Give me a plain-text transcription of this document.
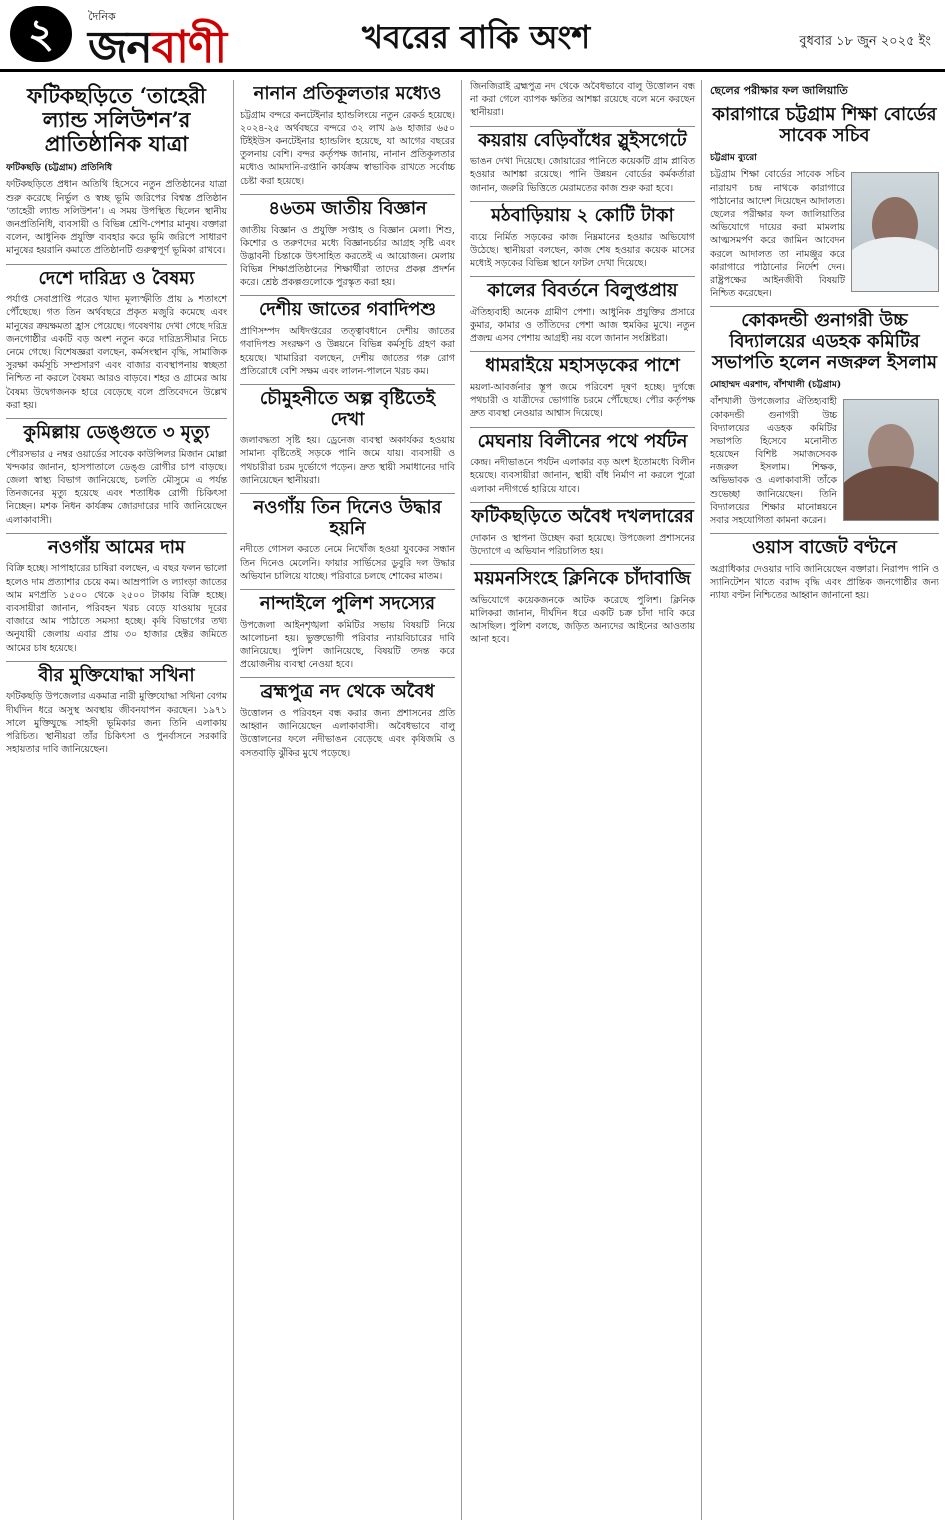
২	দৈনিক
জনবাণী	খবরের বাকি অংশ	বুধবার ১৮ জুন ২০২৫ ইং
ফটিকছড়িতে ‘তাহেরী ল্যান্ড সলিউশন’র প্রাতিষ্ঠানিক যাত্রা
ফটিকছড়ি (চট্টগ্রাম) প্রতিনিধি
ফটিকছড়িতে প্রধান অতিথি হিসেবে নতুন প্রতিষ্ঠানের যাত্রা শুরু করেছে নির্ভুল ও স্বচ্ছ ভূমি জরিপের বিশ্বস্ত প্রতিষ্ঠান ‘তাহেরী ল্যান্ড সলিউশন’। এ সময় উপস্থিত ছিলেন স্থানীয় জনপ্রতিনিধি, ব্যবসায়ী ও বিভিন্ন শ্রেণি-পেশার মানুষ। বক্তারা বলেন, আধুনিক প্রযুক্তি ব্যবহার করে ভূমি জরিপে সাধারণ মানুষের হয়রানি কমাতে প্রতিষ্ঠানটি গুরুত্বপূর্ণ ভূমিকা রাখবে।
দেশে দারিদ্র্য ও বৈষম্য
পর্যাপ্ত সেবাপ্রাপ্তি পরেও খাদ্য মূল্যস্ফীতি প্রায় ৯ শতাংশে পৌঁছেছে। গত তিন অর্থবছরে প্রকৃত মজুরি কমেছে এবং মানুষের ক্রয়ক্ষমতা হ্রাস পেয়েছে। গবেষণায় দেখা গেছে দরিদ্র জনগোষ্ঠীর একটি বড় অংশ নতুন করে দারিদ্র্যসীমার নিচে নেমে গেছে। বিশেষজ্ঞরা বলছেন, কর্মসংস্থান বৃদ্ধি, সামাজিক সুরক্ষা কর্মসূচি সম্প্রসারণ এবং বাজার ব্যবস্থাপনায় স্বচ্ছতা নিশ্চিত না করলে বৈষম্য আরও বাড়বে। শহর ও গ্রামের আয় বৈষম্য উদ্বেগজনক হারে বেড়েছে বলে প্রতিবেদনে উল্লেখ করা হয়।
কুমিল্লায় ডেঙ্গুতে ৩ মৃত্যু
পৌরসভার ৫ নম্বর ওয়ার্ডের সাবেক কাউন্সিলর মিজান মোল্লা খন্দকার জানান, হাসপাতালে ডেঙ্গু রোগীর চাপ বাড়ছে। জেলা স্বাস্থ্য বিভাগ জানিয়েছে, চলতি মৌসুমে এ পর্যন্ত তিনজনের মৃত্যু হয়েছে এবং শতাধিক রোগী চিকিৎসা নিচ্ছেন। মশক নিধন কার্যক্রম জোরদারের দাবি জানিয়েছেন এলাকাবাসী।
নওগাঁয় আমের দাম
বিক্রি হচ্ছে। সাপাহারের চাষিরা বলছেন, এ বছর ফলন ভালো হলেও দাম প্রত্যাশার চেয়ে কম। আম্রপালি ও ল্যাংড়া জাতের আম মণপ্রতি ১৫০০ থেকে ২৫০০ টাকায় বিক্রি হচ্ছে। ব্যবসায়ীরা জানান, পরিবহন খরচ বেড়ে যাওয়ায় দূরের বাজারে আম পাঠাতে সমস্যা হচ্ছে। কৃষি বিভাগের তথ্য অনুযায়ী জেলায় এবার প্রায় ৩০ হাজার হেক্টর জমিতে আমের চাষ হয়েছে।
বীর মুক্তিযোদ্ধা সখিনা
ফটিকছড়ি উপজেলার একমাত্র নারী মুক্তিযোদ্ধা সখিনা বেগম দীর্ঘদিন ধরে অসুস্থ অবস্থায় জীবনযাপন করছেন। ১৯৭১ সালে মুক্তিযুদ্ধে সাহসী ভূমিকার জন্য তিনি এলাকায় পরিচিত। স্থানীয়রা তাঁর চিকিৎসা ও পুনর্বাসনে সরকারি সহায়তার দাবি জানিয়েছেন।
নানান প্রতিকূলতার মধ্যেও
চট্টগ্রাম বন্দরে কনটেইনার হ্যান্ডলিংয়ে নতুন রেকর্ড হয়েছে। ২০২৪-২৫ অর্থবছরে বন্দরে ৩২ লাখ ৯৬ হাজার ৬৫০ টিইইউস কনটেইনার হ্যান্ডলিং হয়েছে, যা আগের বছরের তুলনায় বেশি। বন্দর কর্তৃপক্ষ জানায়, নানান প্রতিকূলতার মধ্যেও আমদানি-রপ্তানি কার্যক্রম স্বাভাবিক রাখতে সর্বোচ্চ চেষ্টা করা হয়েছে।
৪৬তম জাতীয় বিজ্ঞান
জাতীয় বিজ্ঞান ও প্রযুক্তি সপ্তাহ ও বিজ্ঞান মেলা। শিশু, কিশোর ও তরুণদের মধ্যে বিজ্ঞানচর্চার আগ্রহ সৃষ্টি এবং উদ্ভাবনী চিন্তাকে উৎসাহিত করতেই এ আয়োজন। মেলায় বিভিন্ন শিক্ষাপ্রতিষ্ঠানের শিক্ষার্থীরা তাদের প্রকল্প প্রদর্শন করে। শ্রেষ্ঠ প্রকল্পগুলোকে পুরস্কৃত করা হয়।
দেশীয় জাতের গবাদিপশু
প্রাণিসম্পদ অধিদপ্তরের তত্ত্বাবধানে দেশীয় জাতের গবাদিপশু সংরক্ষণ ও উন্নয়নে বিভিন্ন কর্মসূচি গ্রহণ করা হয়েছে। খামারিরা বলছেন, দেশীয় জাতের গরু রোগ প্রতিরোধে বেশি সক্ষম এবং লালন-পালনে খরচ কম।
চৌমুহনীতে অল্প বৃষ্টিতেই দেখা
জলাবদ্ধতা সৃষ্টি হয়। ড্রেনেজ ব্যবস্থা অকার্যকর হওয়ায় সামান্য বৃষ্টিতেই সড়কে পানি জমে যায়। ব্যবসায়ী ও পথচারীরা চরম দুর্ভোগে পড়েন। দ্রুত স্থায়ী সমাধানের দাবি জানিয়েছেন স্থানীয়রা।
নওগাঁয় তিন দিনেও উদ্ধার হয়নি
নদীতে গোসল করতে নেমে নিখোঁজ হওয়া যুবকের সন্ধান তিন দিনেও মেলেনি। ফায়ার সার্ভিসের ডুবুরি দল উদ্ধার অভিযান চালিয়ে যাচ্ছে। পরিবারে চলছে শোকের মাতম।
নান্দাইলে পুলিশ সদস্যের
উপজেলা আইনশৃঙ্খলা কমিটির সভায় বিষয়টি নিয়ে আলোচনা হয়। ভুক্তভোগী পরিবার ন্যায়বিচারের দাবি জানিয়েছে। পুলিশ জানিয়েছে, বিষয়টি তদন্ত করে প্রয়োজনীয় ব্যবস্থা নেওয়া হবে।
ব্রহ্মপুত্র নদ থেকে অবৈধ
উত্তোলন ও পরিবহন বন্ধ করার জন্য প্রশাসনের প্রতি আহ্বান জানিয়েছেন এলাকাবাসী। অবৈধভাবে বালু উত্তোলনের ফলে নদীভাঙন বেড়েছে এবং কৃষিজমি ও বসতবাড়ি ঝুঁকির মুখে পড়েছে।
জিনজিরাই ব্রহ্মপুত্র নদ থেকে অবৈধভাবে বালু উত্তোলন বন্ধ না করা গেলে ব্যাপক ক্ষতির আশঙ্কা রয়েছে বলে মনে করছেন স্থানীয়রা।
কয়রায় বেড়িবাঁধের স্লুইসগেটে
ভাঙন দেখা দিয়েছে। জোয়ারের পানিতে কয়েকটি গ্রাম প্লাবিত হওয়ার আশঙ্কা রয়েছে। পানি উন্নয়ন বোর্ডের কর্মকর্তারা জানান, জরুরি ভিত্তিতে মেরামতের কাজ শুরু করা হবে।
মঠবাড়িয়ায় ২ কোটি টাকা
ব্যয়ে নির্মিত সড়কের কাজ নিম্নমানের হওয়ার অভিযোগ উঠেছে। স্থানীয়রা বলছেন, কাজ শেষ হওয়ার কয়েক মাসের মধ্যেই সড়কের বিভিন্ন স্থানে ফাটল দেখা দিয়েছে।
কালের বিবর্তনে বিলুপ্তপ্রায়
ঐতিহ্যবাহী অনেক গ্রামীণ পেশা। আধুনিক প্রযুক্তির প্রসারে কুমার, কামার ও তাঁতিদের পেশা আজ হুমকির মুখে। নতুন প্রজন্ম এসব পেশায় আগ্রহী নয় বলে জানান সংশ্লিষ্টরা।
ধামরাইয়ে মহাসড়কের পাশে
ময়লা-আবর্জনার স্তূপ জমে পরিবেশ দূষণ হচ্ছে। দুর্গন্ধে পথচারী ও যাত্রীদের ভোগান্তি চরমে পৌঁছেছে। পৌর কর্তৃপক্ষ দ্রুত ব্যবস্থা নেওয়ার আশ্বাস দিয়েছে।
মেঘনায় বিলীনের পথে পর্যটন
কেন্দ্র। নদীভাঙনে পর্যটন এলাকার বড় অংশ ইতোমধ্যে বিলীন হয়েছে। ব্যবসায়ীরা জানান, স্থায়ী বাঁধ নির্মাণ না করলে পুরো এলাকা নদীগর্ভে হারিয়ে যাবে।
ফটিকছড়িতে অবৈধ দখলদারের
দোকান ও স্থাপনা উচ্ছেদ করা হয়েছে। উপজেলা প্রশাসনের উদ্যোগে এ অভিযান পরিচালিত হয়।
ময়মনসিংহে ক্লিনিকে চাঁদাবাজি
অভিযোগে কয়েকজনকে আটক করেছে পুলিশ। ক্লিনিক মালিকরা জানান, দীর্ঘদিন ধরে একটি চক্র চাঁদা দাবি করে আসছিল। পুলিশ বলছে, জড়িত অন্যদের আইনের আওতায় আনা হবে।
ছেলের পরীক্ষার ফল জালিয়াতি
কারাগারে চট্টগ্রাম শিক্ষা বোর্ডের সাবেক সচিব
চট্টগ্রাম ব্যুরো
চট্টগ্রাম শিক্ষা বোর্ডের সাবেক সচিব নারায়ণ চন্দ্র নাথকে কারাগারে পাঠানোর আদেশ দিয়েছেন আদালত। ছেলের পরীক্ষার ফল জালিয়াতির অভিযোগে দায়ের করা মামলায় আত্মসমর্পণ করে জামিন আবেদন করলে আদালত তা নামঞ্জুর করে কারাগারে পাঠানোর নির্দেশ দেন। রাষ্ট্রপক্ষের আইনজীবী বিষয়টি নিশ্চিত করেছেন।
কোকদন্ডী গুনাগরী উচ্চ বিদ্যালয়ের এডহক কমিটির সভাপতি হলেন নজরুল ইসলাম
মোহাম্মদ এরশাদ, বাঁশখালী (চট্টগ্রাম)
বাঁশখালী উপজেলার ঐতিহ্যবাহী কোকদন্ডী গুনাগরী উচ্চ বিদ্যালয়ের এডহক কমিটির সভাপতি হিসেবে মনোনীত হয়েছেন বিশিষ্ট সমাজসেবক নজরুল ইসলাম। শিক্ষক, অভিভাবক ও এলাকাবাসী তাঁকে শুভেচ্ছা জানিয়েছেন। তিনি বিদ্যালয়ের শিক্ষার মানোন্নয়নে সবার সহযোগিতা কামনা করেন।
ওয়াস বাজেট বণ্টনে
অগ্রাধিকার দেওয়ার দাবি জানিয়েছেন বক্তারা। নিরাপদ পানি ও স্যানিটেশন খাতে বরাদ্দ বৃদ্ধি এবং প্রান্তিক জনগোষ্ঠীর জন্য ন্যায্য বণ্টন নিশ্চিতের আহ্বান জানানো হয়।
